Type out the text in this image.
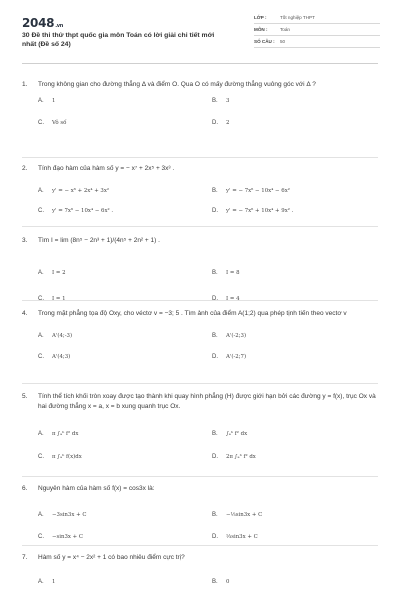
2048.vn
30 Đề thi thử thpt quốc gia môn Toán có lời giải chi tiết mới nhất (Đề số 24)
LỚP :	Tốt nghiệp THPT
MÔN :	Toán
SỐ CÂU :	50
1.	Trong không gian cho đường thẳng Δ và điểm O. Qua O có mấy đường thẳng vuông góc với Δ ?
A.	1	B.	3
C.	Vô số	D.	2
2.	Tính đạo hàm của hàm số y = − x⁷ + 2x⁵ + 3x³ .
A.	y' = − x⁶ + 2x⁴ + 3x²	B.	y' = − 7x⁶ − 10x⁴ − 6x²
C.	y' = 7x⁶ − 10x⁴ − 6x² .	D.	y' = − 7x⁶ + 10x⁴ + 9x² .
3.	Tìm I = lim (8n⁵ − 2n³ + 1)/(4n⁵ + 2n² + 1) .
A.	I = 2	B.	I = 8
C.	I = 1	D.	I = 4
4.	Trong mặt phẳng tọa độ Oxy, cho véctơ v = −3; 5 . Tìm ảnh của điểm A(1;2) qua phép tịnh tiến theo vectơ v
A.	A'(4;-3)	B.	A'(-2;3)
C.	A'(4;3)	D.	A'(-2;7)
5.	Tính thể tích khối tròn xoay được tạo thành khi quay hình phẳng (H) được giới hạn bởi các đường y = f(x), trục Ox và hai đường thẳng x = a, x = b xung quanh trục Ox.
A.	π ∫ₐᵇ f² dx	B.	∫ₐᵇ f² dx
C.	π ∫ₐᵇ f(x)dx	D.	2π ∫ₐᵇ f² dx
6.	Nguyên hàm của hàm số f(x) = cos3x là:
A.	−3sin3x + C	B.	−⅓sin3x + C
C.	−sin3x + C	D.	⅓sin3x + C
7.	Hàm số y = x⁴ − 2x² + 1 có bao nhiêu điểm cực trị?
A.	1	B.	0
